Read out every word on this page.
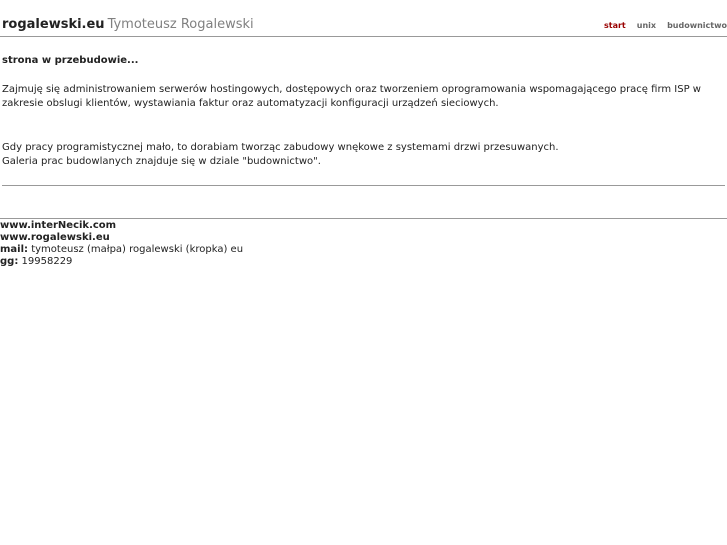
rogalewski.eu Tymoteusz Rogalewski	start unix budownictwo

strona w przebudowie...

Zajmuję się administrowaniem serwerów hostingowych, dostępowych oraz tworzeniem oprogramowania wspomagającego pracę firm ISP w zakresie obslugi klientów, wystawiania faktur oraz automatyzacji konfiguracji urządzeń sieciowych.

Gdy pracy programistycznej mało, to dorabiam tworząc zabudowy wnękowe z systemami drzwi przesuwanych.

Galeria prac budowlanych znajduje się w dziale "budownictwo".

www.interNecik.com
www.rogalewski.eu
mail: tymoteusz (małpa) rogalewski (kropka) eu
gg: 19958229
